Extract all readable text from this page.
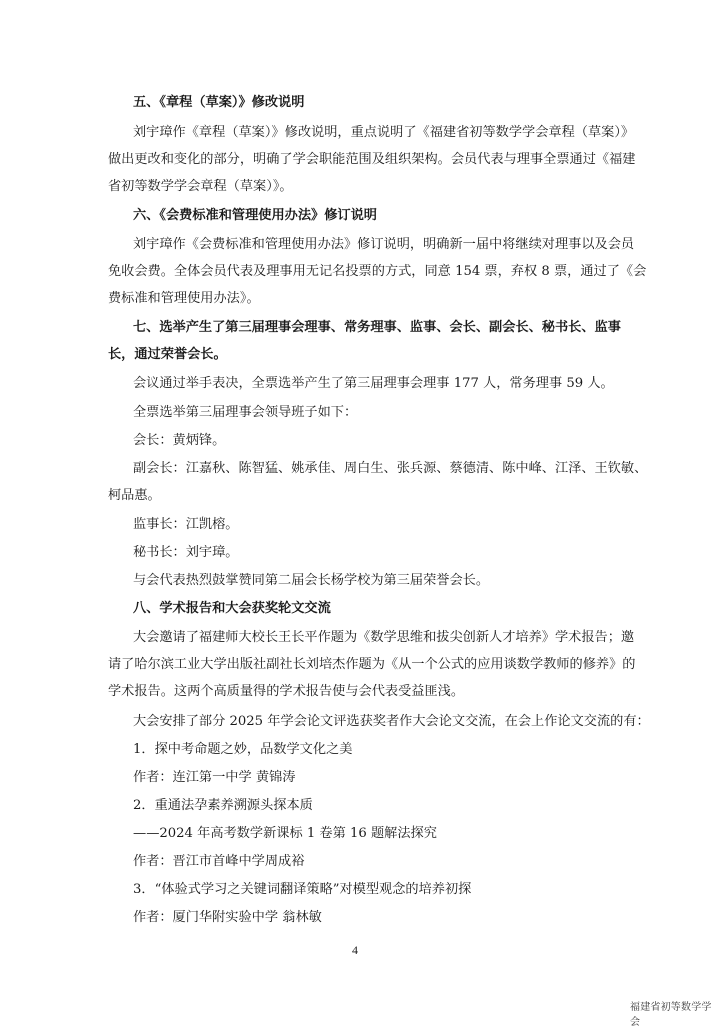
五、《章程（草案）》修改说明
刘宇璋作《章程（草案）》修改说明，重点说明了《福建省初等数学学会章程（草案）》
做出更改和变化的部分，明确了学会职能范围及组织架构。会员代表与理事全票通过《福建
省初等数学学会章程（草案）》。
六、《会费标准和管理使用办法》修订说明
刘宇璋作《会费标准和管理使用办法》修订说明，明确新一届中将继续对理事以及会员
免收会费。全体会员代表及理事用无记名投票的方式，同意 154 票，弃权 8 票，通过了《会
费标准和管理使用办法》。
七、选举产生了第三届理事会理事、常务理事、监事、会长、副会长、秘书长、监事
长，通过荣誉会长。
会议通过举手表决，全票选举产生了第三届理事会理事 177 人，常务理事 59 人。
全票选举第三届理事会领导班子如下：
会长：黄炳锋。
副会长：江嘉秋、陈智猛、姚承佳、周白生、张兵源、蔡德清、陈中峰、江泽、王钦敏、
柯品惠。
监事长：江凯榕。
秘书长：刘宇璋。
与会代表热烈鼓掌赞同第二届会长杨学校为第三届荣誉会长。
八、学术报告和大会获奖轮文交流
大会邀请了福建师大校长王长平作题为《数学思维和拔尖创新人才培养》学术报告；邀
请了哈尔滨工业大学出版社副社长刘培杰作题为《从一个公式的应用谈数学教师的修养》的
学术报告。这两个高质量得的学术报告使与会代表受益匪浅。
大会安排了部分 2025 年学会论文评选获奖者作大会论文交流，在会上作论文交流的有：
1．探中考命题之妙，品数学文化之美
作者：连江第一中学 黄锦涛
2．重通法孕素养溯源头探本质
——2024 年高考数学新课标 1 卷第 16 题解法探究
作者：晋江市首峰中学周成裕
3．“体验式学习之关键词翻译策略”对模型观念的培养初探
作者：厦门华附实验中学 翁林敏
4
福建省初等数学学会
